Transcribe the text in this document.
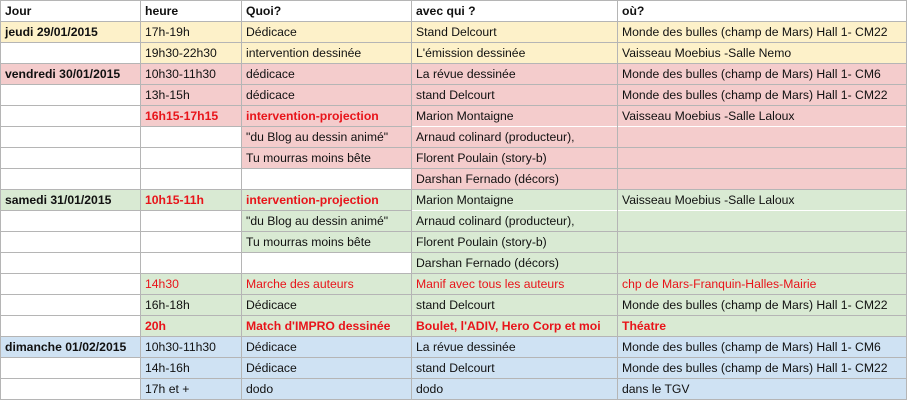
Jour	heure	Quoi?	avec qui ?	où?
jeudi 29/01/2015	17h-19h	Dédicace	Stand Delcourt	Monde des bulles (champ de Mars) Hall 1- CM22
	19h30-22h30	intervention dessinée	L'émission dessinée	Vaisseau Moebius -Salle Nemo
vendredi 30/01/2015	10h30-11h30	dédicace	La révue dessinée	Monde des bulles (champ de Mars) Hall 1- CM6
	13h-15h	dédicace	stand Delcourt	Monde des bulles (champ de Mars) Hall 1- CM22
	16h15-17h15	intervention-projection	Marion Montaigne	Vaisseau Moebius -Salle Laloux
		"du Blog au dessin animé"	Arnaud colinard (producteur),	
		Tu mourras moins bête	Florent Poulain (story-b)	
			Darshan Fernado (décors)	
samedi 31/01/2015	10h15-11h	intervention-projection	Marion Montaigne	Vaisseau Moebius -Salle Laloux
		"du Blog au dessin animé"	Arnaud colinard (producteur),	
		Tu mourras moins bête	Florent Poulain (story-b)	
			Darshan Fernado (décors)	
	14h30	Marche des auteurs	Manif avec tous les auteurs	chp de Mars-Franquin-Halles-Mairie
	16h-18h	Dédicace	stand Delcourt	Monde des bulles (champ de Mars) Hall 1- CM22
	20h	Match d'IMPRO dessinée	Boulet, l'ADIV, Hero Corp et moi	Théatre
dimanche 01/02/2015	10h30-11h30	Dédicace	La révue dessinée	Monde des bulles (champ de Mars) Hall 1- CM6
	14h-16h	Dédicace	stand Delcourt	Monde des bulles (champ de Mars) Hall 1- CM22
	17h et +	dodo	dodo	dans le TGV
